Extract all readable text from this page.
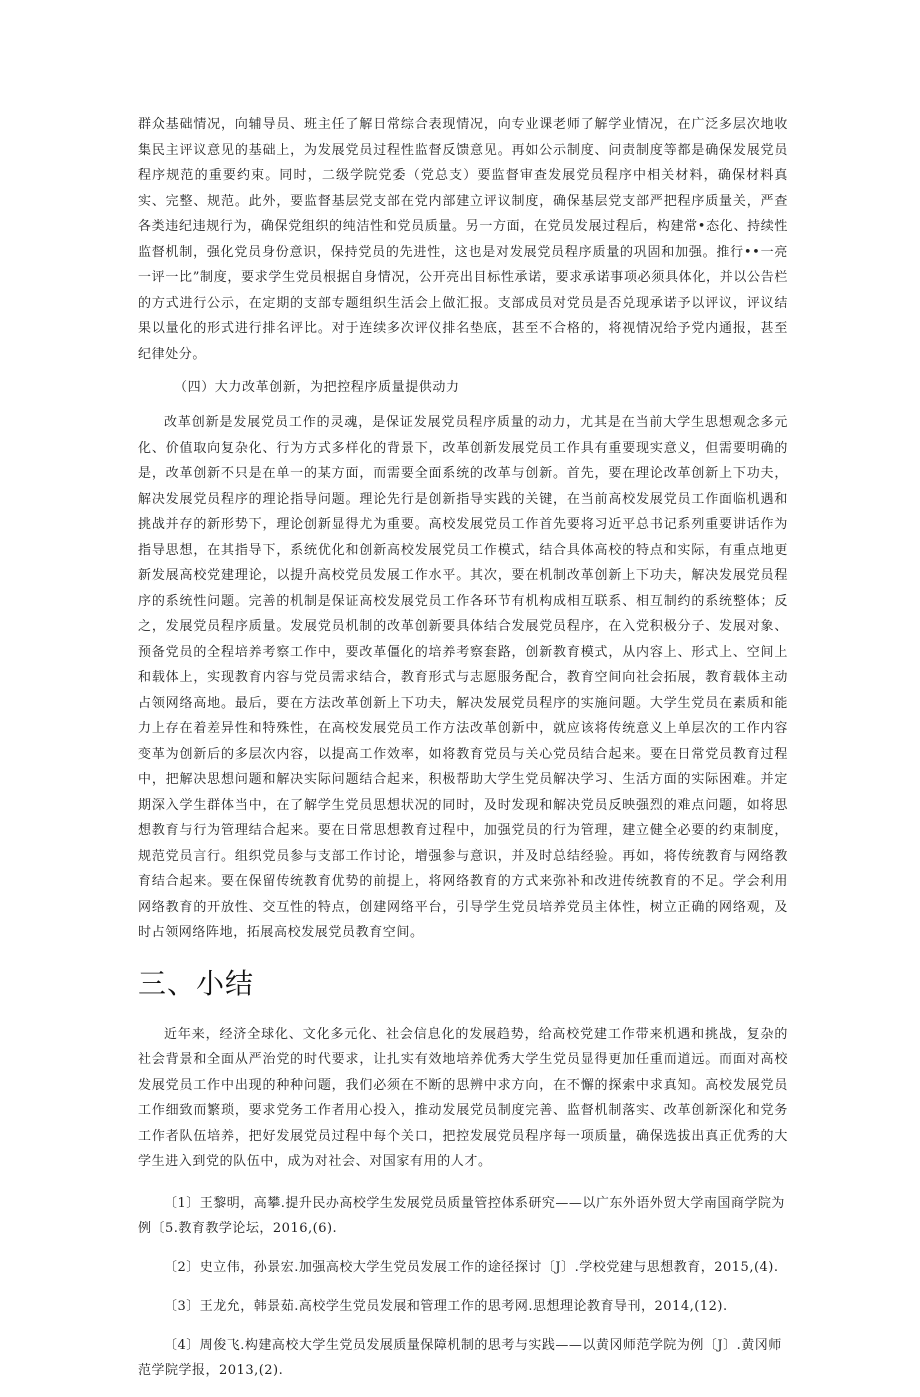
群众基础情况，向辅导员、班主任了解日常综合表现情况，向专业课老师了解学业情况，在广泛多层次地收集民主评议意见的基础上，为发展党员过程性监督反馈意见。再如公示制度、问责制度等都是确保发展党员程序规范的重要约束。同时，二级学院党委（党总支）要监督审查发展党员程序中相关材料，确保材料真实、完整、规范。此外，要监督基层党支部在党内部建立评议制度，确保基层党支部严把程序质量关，严查各类违纪违规行为，确保党组织的纯洁性和党员质量。另一方面，在党员发展过程后，构建常•态化、持续性监督机制，强化党员身份意识，保持党员的先进性，这也是对发展党员程序质量的巩固和加强。推行••一亮一评一比”制度，要求学生党员根据自身情况，公开亮出目标性承诺，要求承诺事项必须具体化，并以公告栏的方式进行公示，在定期的支部专题组织生活会上做汇报。支部成员对党员是否兑现承诺予以评议，评议结果以量化的形式进行排名评比。对于连续多次评仪排名垫底，甚至不合格的，将视情况给予党内通报，甚至纪律处分。

（四）大力改革创新，为把控程序质量提供动力

改革创新是发展党员工作的灵魂，是保证发展党员程序质量的动力，尤其是在当前大学生思想观念多元化、价值取向复杂化、行为方式多样化的背景下，改革创新发展党员工作具有重要现实意义，但需要明确的是，改革创新不只是在单一的某方面，而需要全面系统的改革与创新。首先，要在理论改革创新上下功夫，解决发展党员程序的理论指导问题。理论先行是创新指导实践的关键，在当前高校发展党员工作面临机遇和挑战并存的新形势下，理论创新显得尤为重要。高校发展党员工作首先要将习近平总书记系列重要讲话作为指导思想，在其指导下，系统优化和创新高校发展党员工作模式，结合具体高校的特点和实际，有重点地更新发展高校党建理论，以提升高校党员发展工作水平。其次，要在机制改革创新上下功夫，解决发展党员程序的系统性问题。完善的机制是保证高校发展党员工作各环节有机构成相互联系、相互制约的系统整体；反之，发展党员程序质量。发展党员机制的改革创新要具体结合发展党员程序，在入党积极分子、发展对象、预备党员的全程培养考察工作中，要改革僵化的培养考察套路，创新教育模式，从内容上、形式上、空间上和载体上，实现教育内容与党员需求结合，教育形式与志愿服务配合，教育空间向社会拓展，教育载体主动占领网络高地。最后，要在方法改革创新上下功夫，解决发展党员程序的实施问题。大学生党员在素质和能力上存在着差异性和特殊性，在高校发展党员工作方法改革创新中，就应该将传统意义上单层次的工作内容变革为创新后的多层次内容，以提高工作效率，如将教育党员与关心党员结合起来。要在日常党员教育过程中，把解决思想问题和解决实际问题结合起来，积极帮助大学生党员解决学习、生活方面的实际困难。并定期深入学生群体当中，在了解学生党员思想状况的同时，及时发现和解决党员反映强烈的难点问题，如将思想教育与行为管理结合起来。要在日常思想教育过程中，加强党员的行为管理，建立健全必要的约束制度，规范党员言行。组织党员参与支部工作讨论，增强参与意识，并及时总结经验。再如，将传统教育与网络教育结合起来。要在保留传统教育优势的前提上，将网络教育的方式来弥补和改进传统教育的不足。学会利用网络教育的开放性、交互性的特点，创建网络平台，引导学生党员培养党员主体性，树立正确的网络观，及时占领网络阵地，拓展高校发展党员教育空间。

三、小结

近年来，经济全球化、文化多元化、社会信息化的发展趋势，给高校党建工作带来机遇和挑战，复杂的社会背景和全面从严治党的时代要求，让扎实有效地培养优秀大学生党员显得更加任重而道远。而面对高校发展党员工作中出现的种种问题，我们必须在不断的思辨中求方向，在不懈的探索中求真知。高校发展党员工作细致而繁琐，要求党务工作者用心投入，推动发展党员制度完善、监督机制落实、改革创新深化和党务工作者队伍培养，把好发展党员过程中每个关口，把控发展党员程序每一项质量，确保选拔出真正优秀的大学生进入到党的队伍中，成为对社会、对国家有用的人才。

〔1〕王黎明，高攀.提升民办高校学生发展党员质量管控体系研究——以广东外语外贸大学南国商学院为例〔5.教育教学论坛，2016,(6).

〔2〕史立伟，孙景宏.加强高校大学生党员发展工作的途径探讨〔J〕.学校党建与思想教育，2015,(4).

〔3〕王龙允，韩景茹.高校学生党员发展和管理工作的思考网.思想理论教育导刊，2014,(12).

〔4〕周俊飞.构建高校大学生党员发展质量保障机制的思考与实践——以黄冈师范学院为例〔J〕.黄冈师范学院学报，2013,(2).
